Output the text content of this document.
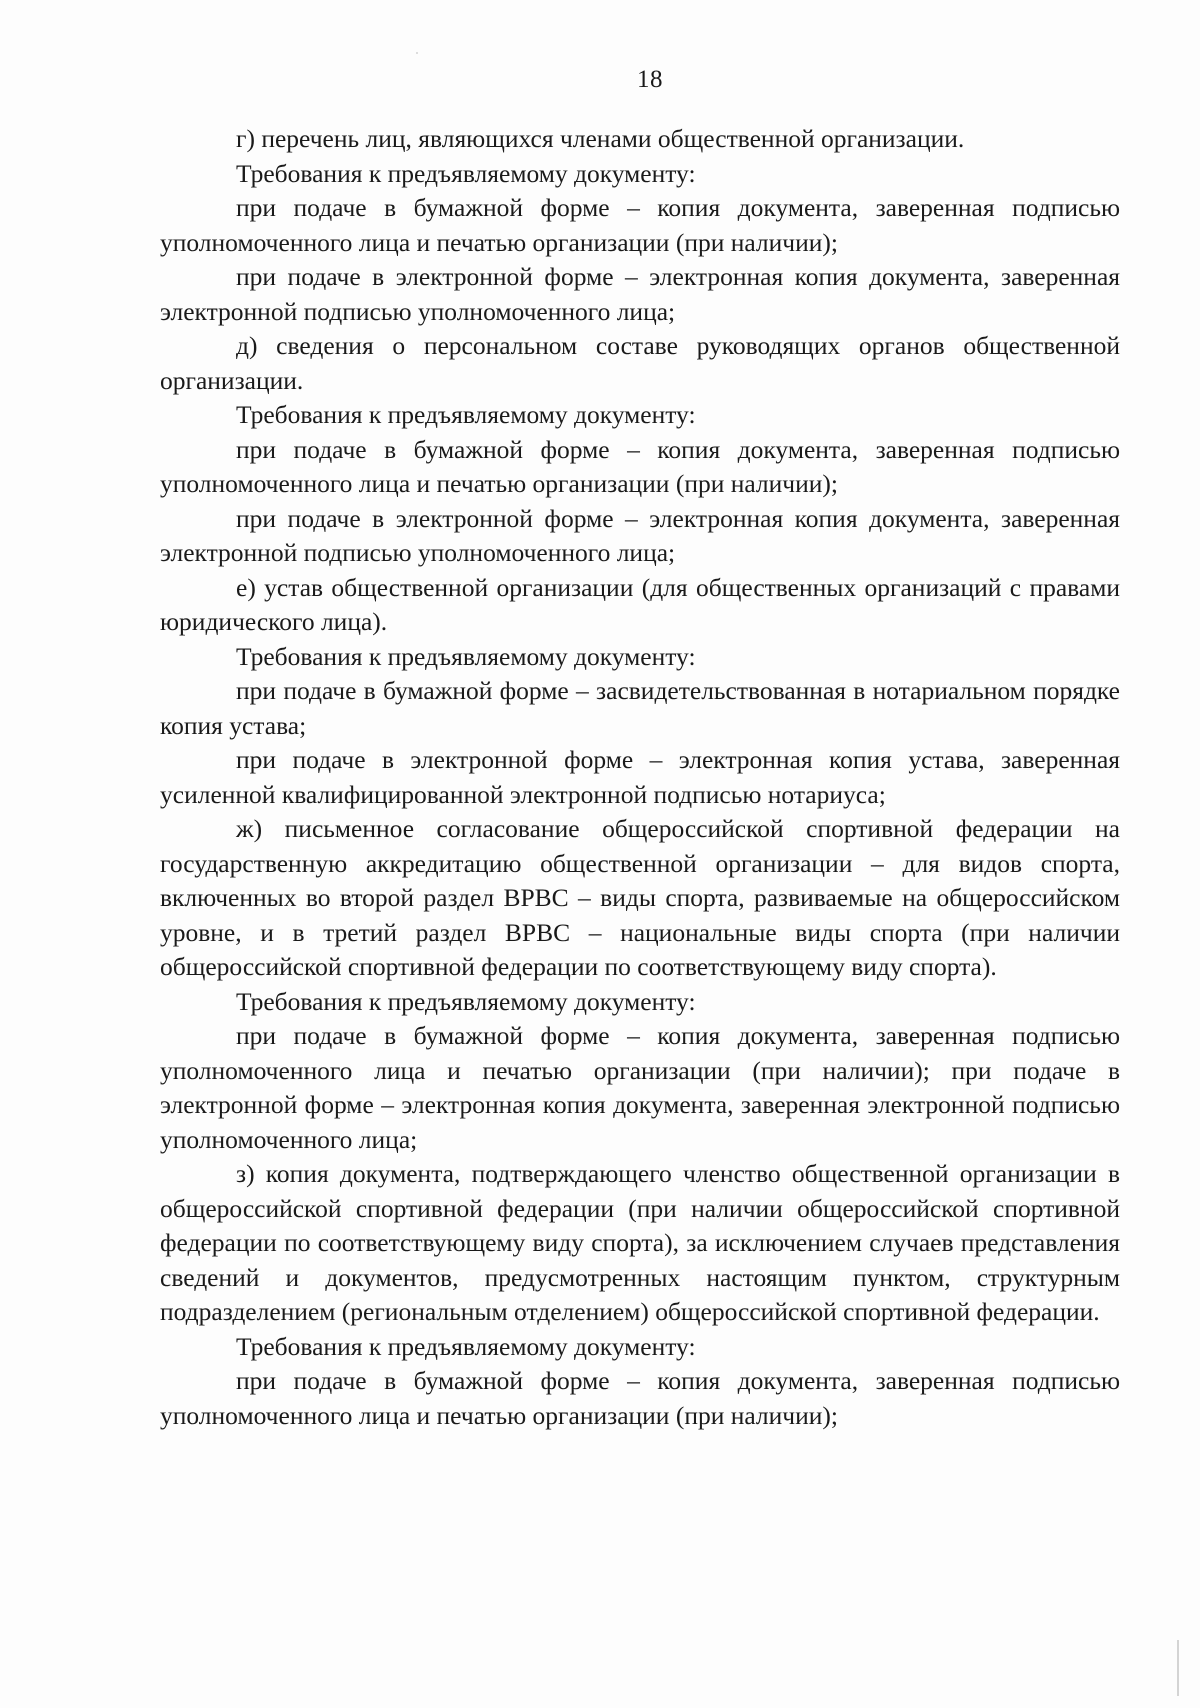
18

г) перечень лиц, являющихся членами общественной организации.

Требования к предъявляемому документу:

при подаче в бумажной форме – копия документа, заверенная подписью уполномоченного лица и печатью организации (при наличии);

при подаче в электронной форме – электронная копия документа, заверенная электронной подписью уполномоченного лица;

д) сведения о персональном составе руководящих органов общественной организации.

Требования к предъявляемому документу:

при подаче в бумажной форме – копия документа, заверенная подписью уполномоченного лица и печатью организации (при наличии);

при подаче в электронной форме – электронная копия документа, заверенная электронной подписью уполномоченного лица;

е) устав общественной организации (для общественных организаций с правами юридического лица).

Требования к предъявляемому документу:

при подаче в бумажной форме – засвидетельствованная в нотариальном порядке копия устава;

при подаче в электронной форме – электронная копия устава, заверенная усиленной квалифицированной электронной подписью нотариуса;

ж) письменное согласование общероссийской спортивной федерации на государственную аккредитацию общественной организации – для видов спорта, включенных во второй раздел ВРВС – виды спорта, развиваемые на общероссийском уровне, и в третий раздел ВРВС – национальные виды спорта (при наличии общероссийской спортивной федерации по соответствующему виду спорта).

Требования к предъявляемому документу:

при подаче в бумажной форме – копия документа, заверенная подписью уполномоченного лица и печатью организации (при наличии); при подаче в электронной форме – электронная копия документа, заверенная электронной подписью уполномоченного лица;

з) копия документа, подтверждающего членство общественной организации в общероссийской спортивной федерации (при наличии общероссийской спортивной федерации по соответствующему виду спорта), за исключением случаев представления сведений и документов, предусмотренных настоящим пунктом, структурным подразделением (региональным отделением) общероссийской спортивной федерации.

Требования к предъявляемому документу:

при подаче в бумажной форме – копия документа, заверенная подписью уполномоченного лица и печатью организации (при наличии);
